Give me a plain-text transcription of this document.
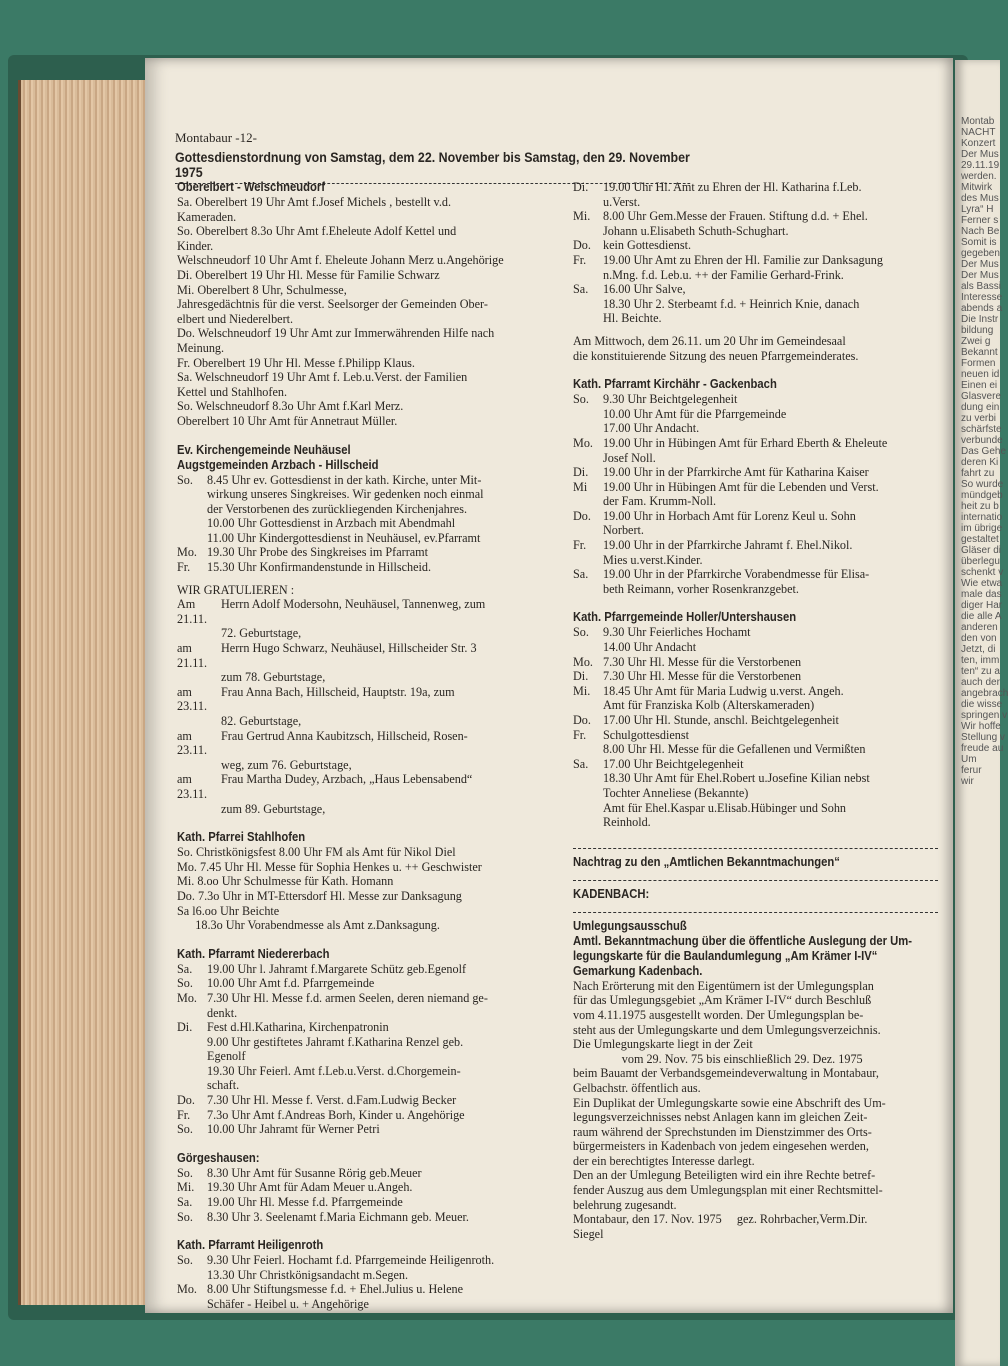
Montabaur -12-
Gottesdienstordnung von Samstag, dem 22. November bis Samstag, den 29. November 1975
Oberelbert - Welschneudorf
Sa. Oberelbert 19 Uhr Amt f.Josef Michels , bestellt v.d.
Kameraden.
So. Oberelbert 8.3o Uhr Amt f.Eheleute Adolf Kettel und
Kinder.
Welschneudorf 10 Uhr Amt f. Eheleute Johann Merz u.Angehörige
Di. Oberelbert 19 Uhr Hl. Messe für Familie Schwarz
Mi. Oberelbert 8 Uhr, Schulmesse,
Jahresgedächtnis für die verst. Seelsorger der Gemeinden Ober-
elbert und Niederelbert.
Do. Welschneudorf 19 Uhr Amt zur Immerwährenden Hilfe nach
Meinung.
Fr. Oberelbert 19 Uhr Hl. Messe f.Philipp Klaus.
Sa. Welschneudorf 19 Uhr Amt f. Leb.u.Verst. der Familien
Kettel und Stahlhofen.
So. Welschneudorf 8.3o Uhr Amt f.Karl Merz.
Oberelbert 10 Uhr Amt für Annetraut Müller.
Ev. Kirchengemeinde Neuhäusel
Augstgemeinden Arzbach - Hillscheid
So.	8.45 Uhr ev. Gottesdienst in der kath. Kirche, unter Mit-
wirkung unseres Singkreises. Wir gedenken noch einmal
der Verstorbenen des zurückliegenden Kirchenjahres.
10.00 Uhr Gottesdienst in Arzbach mit Abendmahl
11.00 Uhr Kindergottesdienst in Neuhäusel, ev.Pfarramt
Mo. 19.30 Uhr Probe des Singkreises im Pfarramt
Fr.	15.30 Uhr Konfirmandenstunde in Hillscheid.
WIR GRATULIEREN :
Am 21.11.
Herrn Adolf Modersohn, Neuhäusel, Tannenweg, zum
72. Geburtstage,
am 21.11.
Herrn Hugo Schwarz, Neuhäusel, Hillscheider Str. 3
zum 78. Geburtstage,
am 23.11.
Frau Anna Bach, Hillscheid, Hauptstr. 19a, zum
82. Geburtstage,
am 23.11.
Frau Gertrud Anna Kaubitzsch, Hillscheid, Rosen-
weg, zum 76. Geburtstage,
am 23.11.
Frau Martha Dudey, Arzbach, „Haus Lebensabend“
zum 89. Geburtstage,
Kath. Pfarrei Stahlhofen
So. Christkönigsfest 8.00 Uhr FM als Amt für Nikol Diel
Mo. 7.45 Uhr Hl. Messe für Sophia Henkes u. ++ Geschwister
Mi. 8.oo Uhr Schulmesse für Kath. Homann
Do. 7.3o Uhr in MT-Ettersdorf Hl. Messe zur Danksagung
Sa l6.oo Uhr Beichte
18.3o Uhr Vorabendmesse als Amt z.Danksagung.
Kath. Pfarramt Niedererbach
Sa.	19.00 Uhr l. Jahramt f.Margarete Schütz geb.Egenolf
So.	10.00 Uhr Amt f.d. Pfarrgemeinde
Mo. 7.30 Uhr Hl. Messe f.d. armen Seelen, deren niemand ge-
denkt.
Di.	Fest d.Hl.Katharina, Kirchenpatronin
9.00 Uhr gestiftetes Jahramt f.Katharina Renzel geb.
Egenolf
19.30 Uhr Feierl. Amt f.Leb.u.Verst. d.Chorgemein-
schaft.
Do. 7.30 Uhr Hl. Messe f. Verst. d.Fam.Ludwig Becker
Fr.	7.3o Uhr Amt f.Andreas Borh, Kinder u. Angehörige
So.	10.00 Uhr Jahramt für Werner Petri
Görgeshausen:
So.	8.30 Uhr Amt für Susanne Rörig geb.Meuer
Mi.	19.30 Uhr Amt für Adam Meuer u.Angeh.
Sa.	19.00 Uhr Hl. Messe f.d. Pfarrgemeinde
So.	8.30 Uhr 3. Seelenamt f.Maria Eichmann geb. Meuer.
Kath. Pfarramt Heiligenroth
So.	9.30 Uhr Feierl. Hochamt f.d. Pfarrgemeinde Heiligenroth.
13.30 Uhr Christkönigsandacht m.Segen.
Mo. 8.00 Uhr Stiftungsmesse f.d. + Ehel.Julius u. Helene
Schäfer - Heibel u. + Angehörige
Di.	19.00 Uhr Hl. Amt zu Ehren der Hl. Katharina f.Leb.
u.Verst.
Mi.	8.00 Uhr Gem.Messe der Frauen. Stiftung d.d. + Ehel.
Johann u.Elisabeth Schuth-Schughart.
Do. kein Gottesdienst.
Fr.	19.00 Uhr Amt zu Ehren der Hl. Familie zur Danksagung
n.Mng. f.d. Leb.u. ++ der Familie Gerhard-Frink.
Sa.	16.00 Uhr Salve,
18.30 Uhr 2. Sterbeamt f.d. + Heinrich Knie, danach
Hl. Beichte.
Am Mittwoch, dem 26.11. um 20 Uhr im Gemeindesaal
die konstituierende Sitzung des neuen Pfarrgemeinderates.
Kath. Pfarramt Kirchähr - Gackenbach
So.	9.30 Uhr Beichtgelegenheit
10.00 Uhr Amt für die Pfarrgemeinde
17.00 Uhr Andacht.
Mo. 19.00 Uhr in Hübingen Amt für Erhard Eberth & Eheleute
Josef Noll.
Di.	19.00 Uhr in der Pfarrkirche Amt für Katharina Kaiser
Mi	19.00 Uhr in Hübingen Amt für die Lebenden und Verst.
der Fam. Krumm-Noll.
Do. 19.00 Uhr in Horbach Amt für Lorenz Keul u. Sohn
Norbert.
Fr.	19.00 Uhr in der Pfarrkirche Jahramt f. Ehel.Nikol.
Mies u.verst.Kinder.
Sa.	19.00 Uhr in der Pfarrkirche Vorabendmesse für Elisa-
beth Reimann, vorher Rosenkranzgebet.
Kath. Pfarrgemeinde Holler/Untershausen
So.	9.30 Uhr Feierliches Hochamt
14.00 Uhr Andacht
Mo. 7.30 Uhr Hl. Messe für die Verstorbenen
Di.	7.30 Uhr Hl. Messe für die Verstorbenen
Mi.	18.45 Uhr Amt für Maria Ludwig u.verst. Angeh.
Amt für Franziska Kolb (Alterskameraden)
Do. 17.00 Uhr Hl. Stunde, anschl. Beichtgelegenheit
Fr.	Schulgottesdienst
8.00 Uhr Hl. Messe für die Gefallenen und Vermißten
Sa.	17.00 Uhr Beichtgelegenheit
18.30 Uhr Amt für Ehel.Robert u.Josefine Kilian nebst
Tochter Anneliese (Bekannte)
Amt für Ehel.Kaspar u.Elisab.Hübinger und Sohn
Reinhold.
Nachtrag zu den „Amtlichen Bekanntmachungen“
KADENBACH:
Umlegungsausschuß
Amtl. Bekanntmachung über die öffentliche Auslegung der Um-
legungskarte für die Baulandumlegung „Am Krämer I-IV“
Gemarkung Kadenbach.
Nach Erörterung mit den Eigentümern ist der Umlegungsplan
für das Umlegungsgebiet „Am Krämer I-IV“ durch Beschluß
vom 4.11.1975 ausgestellt worden. Der Umlegungsplan be-
steht aus der Umlegungskarte und dem Umlegungsverzeichnis.
Die Umlegungskarte liegt in der Zeit
vom 29. Nov. 75 bis einschließlich 29. Dez. 1975
beim Bauamt der Verbandsgemeindeverwaltung in Montabaur,
Gelbachstr. öffentlich aus.
Ein Duplikat der Umlegungskarte sowie eine Abschrift des Um-
legungsverzeichnisses nebst Anlagen kann im gleichen Zeit-
raum während der Sprechstunden im Dienstzimmer des Orts-
bürgermeisters in Kadenbach von jedem eingesehen werden,
der ein berechtigtes Interesse darlegt.
Den an der Umlegung Beteiligten wird ein ihre Rechte betref-
fender Auszug aus dem Umlegungsplan mit einer Rechtsmittel-
belehrung zugesandt.
Montabaur, den 17. Nov. 1975     gez. Rohrbacher,Verm.Dir.
Siegel
Montab
NACHT
Konzert
Der Mus
29.11.19
werden.
Mitwirk
des Mus
Lyra“ H
Ferner s
Nach Be
Somit is
gegeben
Der Mus
Der Mus
als Bassi
Interesse
abends a
Die Instr
bildung
Zwei g
Bekannt
Formen
neuen id
Einen ei
Glasvere
dung ein
zu verbi
schärfste
verbunde
Das Gehe
deren Ki
fahrt zu
So wurde
mündgeb
heit zu b
internatio
im übrige
gestaltet
Gläser di
überlegu
schenkt v
Wie etwa
male das
diger Har
die alle A
anderen
den von
Jetzt, di
ten, imm
ten“ zu a
auch der
angebrach
die wisse
springen v
Wir hoffe
Stellung v
freude au
Um
ferur
wir
